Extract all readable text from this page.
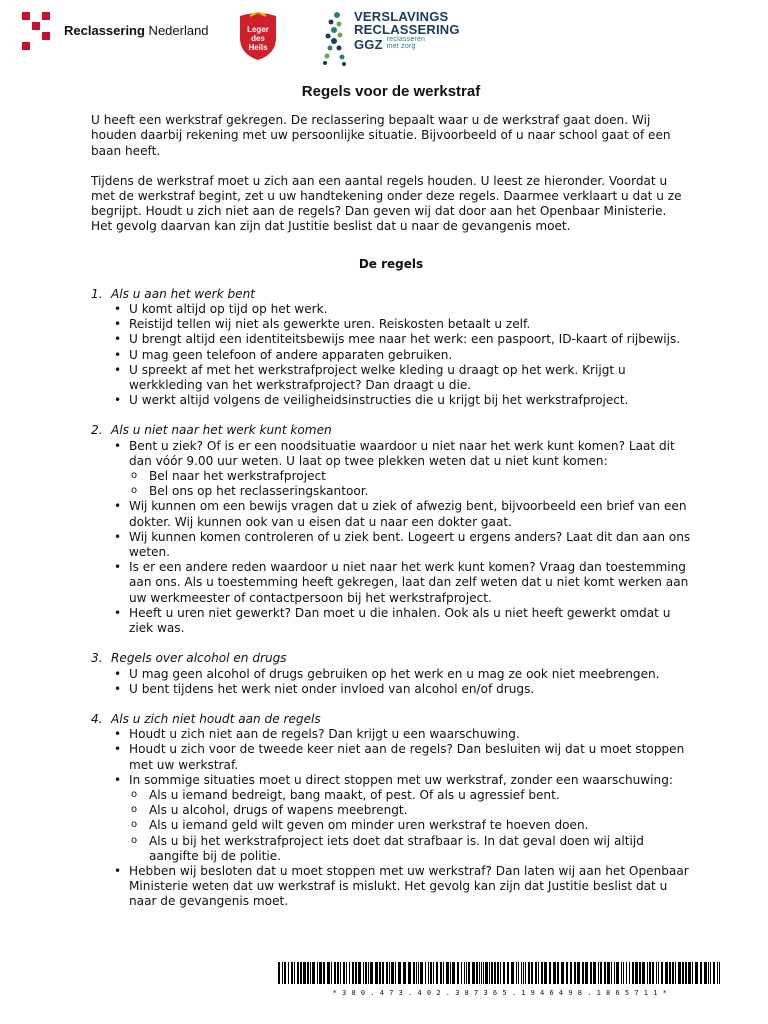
Reclassering Nederland	Leger
des
Heils
VERSLAVINGS
RECLASSERING
GGZ reclasseren
met zorg
Regels voor de werkstraf

U heeft een werkstraf gekregen. De reclassering bepaalt waar u de werkstraf gaat doen. Wij houden daarbij rekening met uw persoonlijke situatie. Bijvoorbeeld of u naar school gaat of een baan heeft.

Tijdens de werkstraf moet u zich aan een aantal regels houden. U leest ze hieronder. Voordat u met de werkstraf begint, zet u uw handtekening onder deze regels. Daarmee verklaart u dat u ze begrijpt. Houdt u zich niet aan de regels? Dan geven wij dat door aan het Openbaar Ministerie. Het gevolg daarvan kan zijn dat Justitie beslist dat u naar de gevangenis moet.

De regels
1. Als u aan het werk bent
• U komt altijd op tijd op het werk.
• Reistijd tellen wij niet als gewerkte uren. Reiskosten betaalt u zelf.
• U brengt altijd een identiteitsbewijs mee naar het werk: een paspoort, ID-kaart of rijbewijs.
• U mag geen telefoon of andere apparaten gebruiken.
• U spreekt af met het werkstrafproject welke kleding u draagt op het werk. Krijgt u werkkleding van het werkstrafproject? Dan draagt u die.
• U werkt altijd volgens de veiligheidsinstructies die u krijgt bij het werkstrafproject.
2. Als u niet naar het werk kunt komen
• Bent u ziek? Of is er een noodsituatie waardoor u niet naar het werk kunt komen? Laat dit dan vóór 9.00 uur weten. U laat op twee plekken weten dat u niet kunt komen:
o Bel naar het werkstrafproject
o Bel ons op het reclasseringskantoor.
• Wij kunnen om een bewijs vragen dat u ziek of afwezig bent, bijvoorbeeld een brief van een dokter. Wij kunnen ook van u eisen dat u naar een dokter gaat.
• Wij kunnen komen controleren of u ziek bent. Logeert u ergens anders? Laat dit dan aan ons weten.
• Is er een andere reden waardoor u niet naar het werk kunt komen? Vraag dan toestemming aan ons. Als u toestemming heeft gekregen, laat dan zelf weten dat u niet komt werken aan uw werkmeester of contactpersoon bij het werkstrafproject.
• Heeft u uren niet gewerkt? Dan moet u die inhalen. Ook als u niet heeft gewerkt omdat u ziek was.
3. Regels over alcohol en drugs
• U mag geen alcohol of drugs gebruiken op het werk en u mag ze ook niet meebrengen.
• U bent tijdens het werk niet onder invloed van alcohol en/of drugs.
4. Als u zich niet houdt aan de regels
• Houdt u zich niet aan de regels? Dan krijgt u een waarschuwing.
• Houdt u zich voor de tweede keer niet aan de regels? Dan besluiten wij dat u moet stoppen met uw werkstraf.
• In sommige situaties moet u direct stoppen met uw werkstraf, zonder een waarschuwing:
o Als u iemand bedreigt, bang maakt, of pest. Of als u agressief bent.
o Als u alcohol, drugs of wapens meebrengt.
o Als u iemand geld wilt geven om minder uren werkstraf te hoeven doen.
o Als u bij het werkstrafproject iets doet dat strafbaar is. In dat geval doen wij altijd aangifte bij de politie.
• Hebben wij besloten dat u moet stoppen met uw werkstraf? Dan laten wij aan het Openbaar Ministerie weten dat uw werkstraf is mislukt. Het gevolg kan zijn dat Justitie beslist dat u naar de gevangenis moet.
* 3 8 0 . 4 7 3 . 4 0 2 . 3 8 7 3 6 5 . 1 9 4 6 4 9 8 . 1 8 6 5 7 1 1 *
